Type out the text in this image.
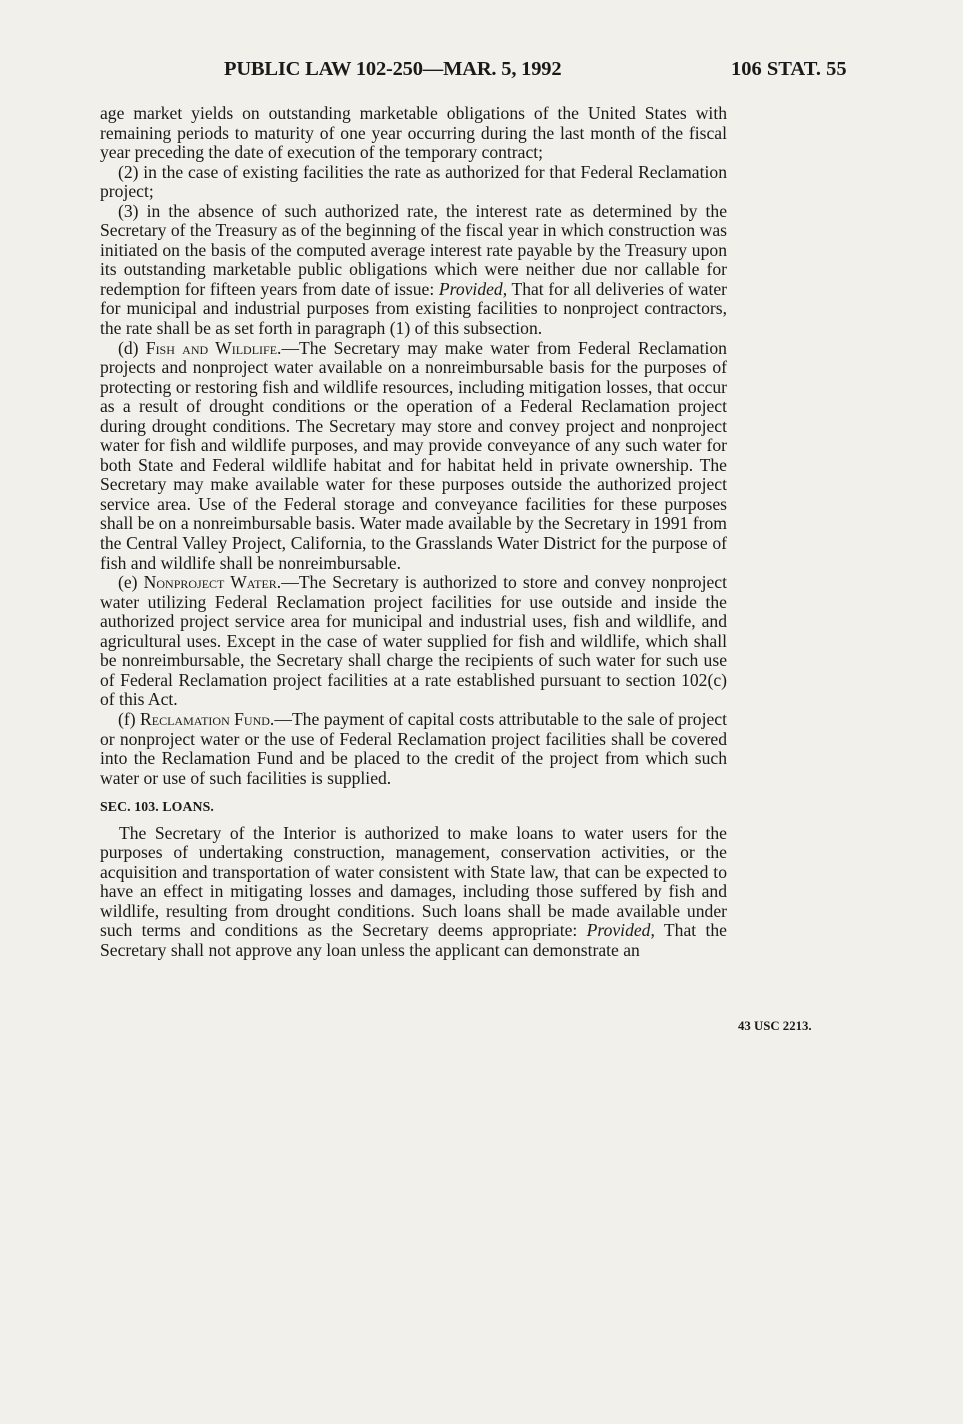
PUBLIC LAW 102-250—MAR. 5, 1992	106 STAT. 55

age market yields on outstanding marketable obligations of the United States with remaining periods to maturity of one year occurring during the last month of the fiscal year preceding the date of execution of the temporary contract;

(2) in the case of existing facilities the rate as authorized for that Federal Reclamation project;

(3) in the absence of such authorized rate, the interest rate as determined by the Secretary of the Treasury as of the beginning of the fiscal year in which construction was initiated on the basis of the computed average interest rate payable by the Treasury upon its outstanding marketable public obligations which were neither due nor callable for redemption for fifteen years from date of issue: Provided, That for all deliveries of water for municipal and industrial purposes from existing facilities to nonproject contractors, the rate shall be as set forth in paragraph (1) of this subsection.

(d) Fish and Wildlife.—The Secretary may make water from Federal Reclamation projects and nonproject water available on a nonreimbursable basis for the purposes of protecting or restoring fish and wildlife resources, including mitigation losses, that occur as a result of drought conditions or the operation of a Federal Reclamation project during drought conditions. The Secretary may store and convey project and nonproject water for fish and wildlife purposes, and may provide conveyance of any such water for both State and Federal wildlife habitat and for habitat held in private ownership. The Secretary may make available water for these purposes outside the authorized project service area. Use of the Federal storage and conveyance facilities for these purposes shall be on a nonreimbursable basis. Water made available by the Secretary in 1991 from the Central Valley Project, California, to the Grasslands Water District for the purpose of fish and wildlife shall be nonreimbursable.

(e) Nonproject Water.—The Secretary is authorized to store and convey nonproject water utilizing Federal Reclamation project facilities for use outside and inside the authorized project service area for municipal and industrial uses, fish and wildlife, and agricultural uses. Except in the case of water supplied for fish and wildlife, which shall be nonreimbursable, the Secretary shall charge the recipients of such water for such use of Federal Reclamation project facilities at a rate established pursuant to section 102(c) of this Act.

(f) Reclamation Fund.—The payment of capital costs attributable to the sale of project or nonproject water or the use of Federal Reclamation project facilities shall be covered into the Reclamation Fund and be placed to the credit of the project from which such water or use of such facilities is supplied.

SEC. 103. LOANS.

The Secretary of the Interior is authorized to make loans to water users for the purposes of undertaking construction, management, conservation activities, or the acquisition and transportation of water consistent with State law, that can be expected to have an effect in mitigating losses and damages, including those suffered by fish and wildlife, resulting from drought conditions. Such loans shall be made available under such terms and conditions as the Secretary deems appropriate: Provided, That the Secretary shall not approve any loan unless the applicant can demonstrate an

43 USC 2213.
